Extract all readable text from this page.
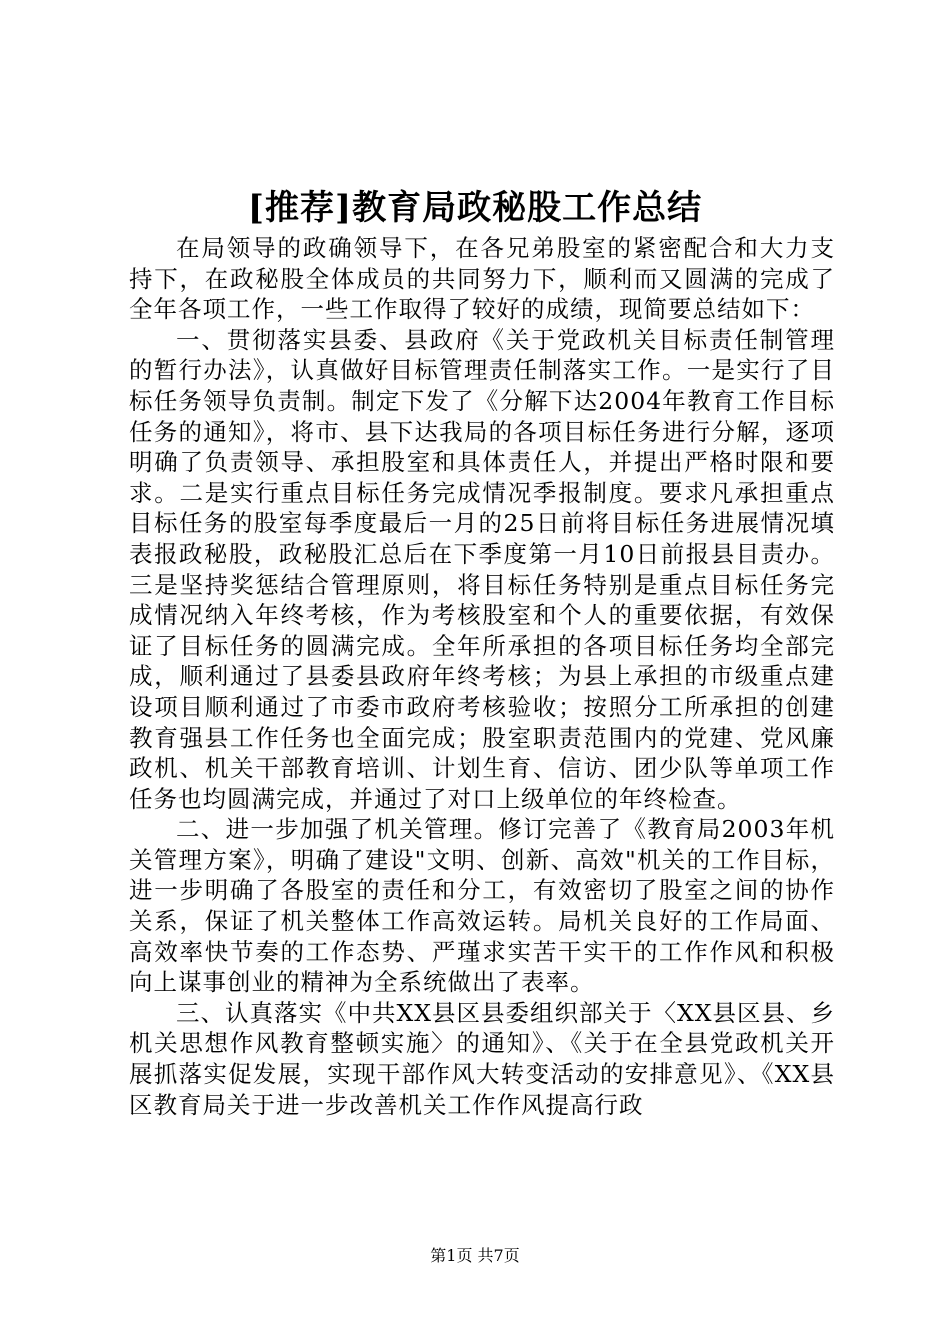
[推荐]教育局政秘股工作总结

在局领导的政确领导下，在各兄弟股室的紧密配合和大力支持下，在政秘股全体成员的共同努力下，顺利而又圆满的完成了全年各项工作，一些工作取得了较好的成绩，现简要总结如下：

一、贯彻落实县委、县政府《关于党政机关目标责任制管理的暂行办法》，认真做好目标管理责任制落实工作。一是实行了目标任务领导负责制。制定下发了《分解下达2004年教育工作目标任务的通知》，将市、县下达我局的各项目标任务进行分解，逐项明确了负责领导、承担股室和具体责任人，并提出严格时限和要求。二是实行重点目标任务完成情况季报制度。要求凡承担重点目标任务的股室每季度最后一月的25日前将目标任务进展情况填表报政秘股，政秘股汇总后在下季度第一月10日前报县目责办。三是坚持奖惩结合管理原则，将目标任务特别是重点目标任务完成情况纳入年终考核，作为考核股室和个人的重要依据，有效保证了目标任务的圆满完成。全年所承担的各项目标任务均全部完成，顺利通过了县委县政府年终考核；为县上承担的市级重点建设项目顺利通过了市委市政府考核验收；按照分工所承担的创建教育强县工作任务也全面完成；股室职责范围内的党建、党风廉政机、机关干部教育培训、计划生育、信访、团少队等单项工作任务也均圆满完成，并通过了对口上级单位的年终检查。

二、进一步加强了机关管理。修订完善了《教育局2003年机关管理方案》，明确了建设"文明、创新、高效"机关的工作目标，进一步明确了各股室的责任和分工，有效密切了股室之间的协作关系，保证了机关整体工作高效运转。局机关良好的工作局面、高效率快节奏的工作态势、严瑾求实苦干实干的工作作风和积极向上谋事创业的精神为全系统做出了表率。

三、认真落实《中共XX县区县委组织部关于〈XX县区县、乡机关思想作风教育整顿实施〉的通知》、《关于在全县党政机关开展抓落实促发展，实现干部作风大转变活动的安排意见》、《XX县区教育局关于进一步改善机关工作作风提高行政

第1页 共7页
